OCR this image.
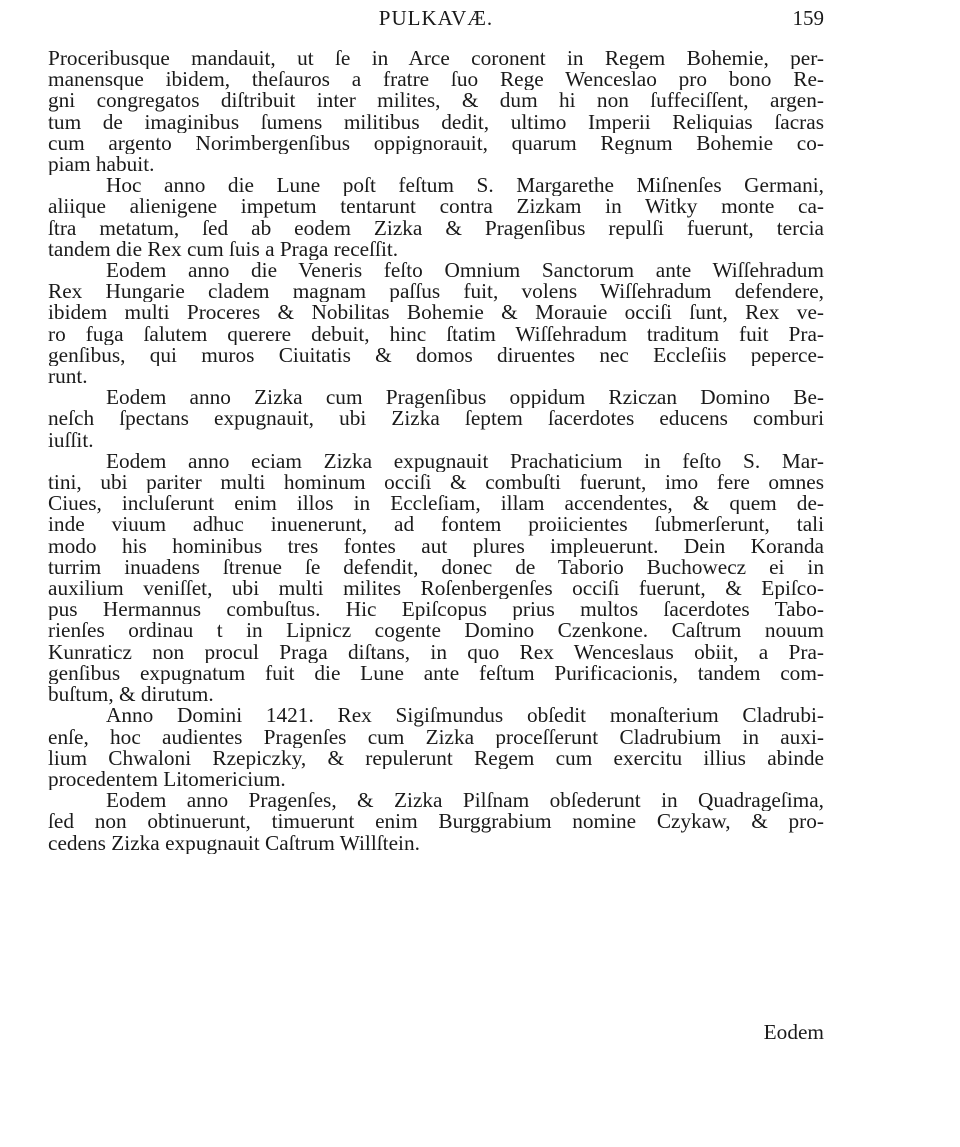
PULKAVÆ.	159
Proceribusque mandauit, ut ſe in Arce coronent in Regem Bohemie, per-
manensque ibidem, theſauros a fratre ſuo Rege Wenceslao pro bono Re-
gni congregatos diſtribuit inter milites, & dum hi non ſuffeciſſent, argen-
tum de imaginibus ſumens militibus dedit, ultimo Imperii Reliquias ſacras
cum argento Norimbergenſibus oppignorauit, quarum Regnum Bohemie co-
piam habuit.
Hoc anno die Lune poſt feſtum S. Margarethe Miſnenſes Germani,
aliique alienigene impetum tentarunt contra Zizkam in Witky monte ca-
ſtra metatum, ſed ab eodem Zizka & Pragenſibus repulſi fuerunt, tercia
tandem die Rex cum ſuis a Praga receſſit.
Eodem anno die Veneris feſto Omnium Sanctorum ante Wiſſehradum
Rex Hungarie cladem magnam paſſus fuit, volens Wiſſehradum defendere,
ibidem multi Proceres & Nobilitas Bohemie & Morauie occiſi ſunt, Rex ve-
ro fuga ſalutem querere debuit, hinc ſtatim Wiſſehradum traditum fuit Pra-
genſibus, qui muros Ciuitatis & domos diruentes nec Eccleſiis peperce-
runt.
Eodem anno Zizka cum Pragenſibus oppidum Rziczan Domino Be-
neſch ſpectans expugnauit, ubi Zizka ſeptem ſacerdotes educens comburi
iuſſit.
Eodem anno eciam Zizka expugnauit Prachaticium in feſto S. Mar-
tini, ubi pariter multi hominum occiſi & combuſti fuerunt, imo fere omnes
Ciues, incluſerunt enim illos in Eccleſiam, illam accendentes, & quem de-
inde viuum adhuc inuenerunt, ad fontem proiicientes ſubmerſerunt, tali
modo his hominibus tres fontes aut plures impleuerunt. Dein Koranda
turrim inuadens ſtrenue ſe defendit, donec de Taborio Buchowecz ei in
auxilium veniſſet, ubi multi milites Roſenbergenſes occiſi fuerunt, & Epiſco-
pus Hermannus combuſtus. Hic Epiſcopus prius multos ſacerdotes Tabo-
rienſes ordinau t in Lipnicz cogente Domino Czenkone. Caſtrum nouum
Kunraticz non procul Praga diſtans, in quo Rex Wenceslaus obiit, a Pra-
genſibus expugnatum fuit die Lune ante feſtum Purificacionis, tandem com-
buſtum, & dirutum.
Anno Domini 1421. Rex Sigiſmundus obſedit monaſterium Cladrubi-
enſe, hoc audientes Pragenſes cum Zizka proceſſerunt Cladrubium in auxi-
lium Chwaloni Rzepiczky, & repulerunt Regem cum exercitu illius abinde
procedentem Litomericium.
Eodem anno Pragenſes, & Zizka Pilſnam obſederunt in Quadrageſima,
ſed non obtinuerunt, timuerunt enim Burggrabium nomine Czykaw, & pro-
cedens Zizka expugnauit Caſtrum Willſtein.
Eodem
